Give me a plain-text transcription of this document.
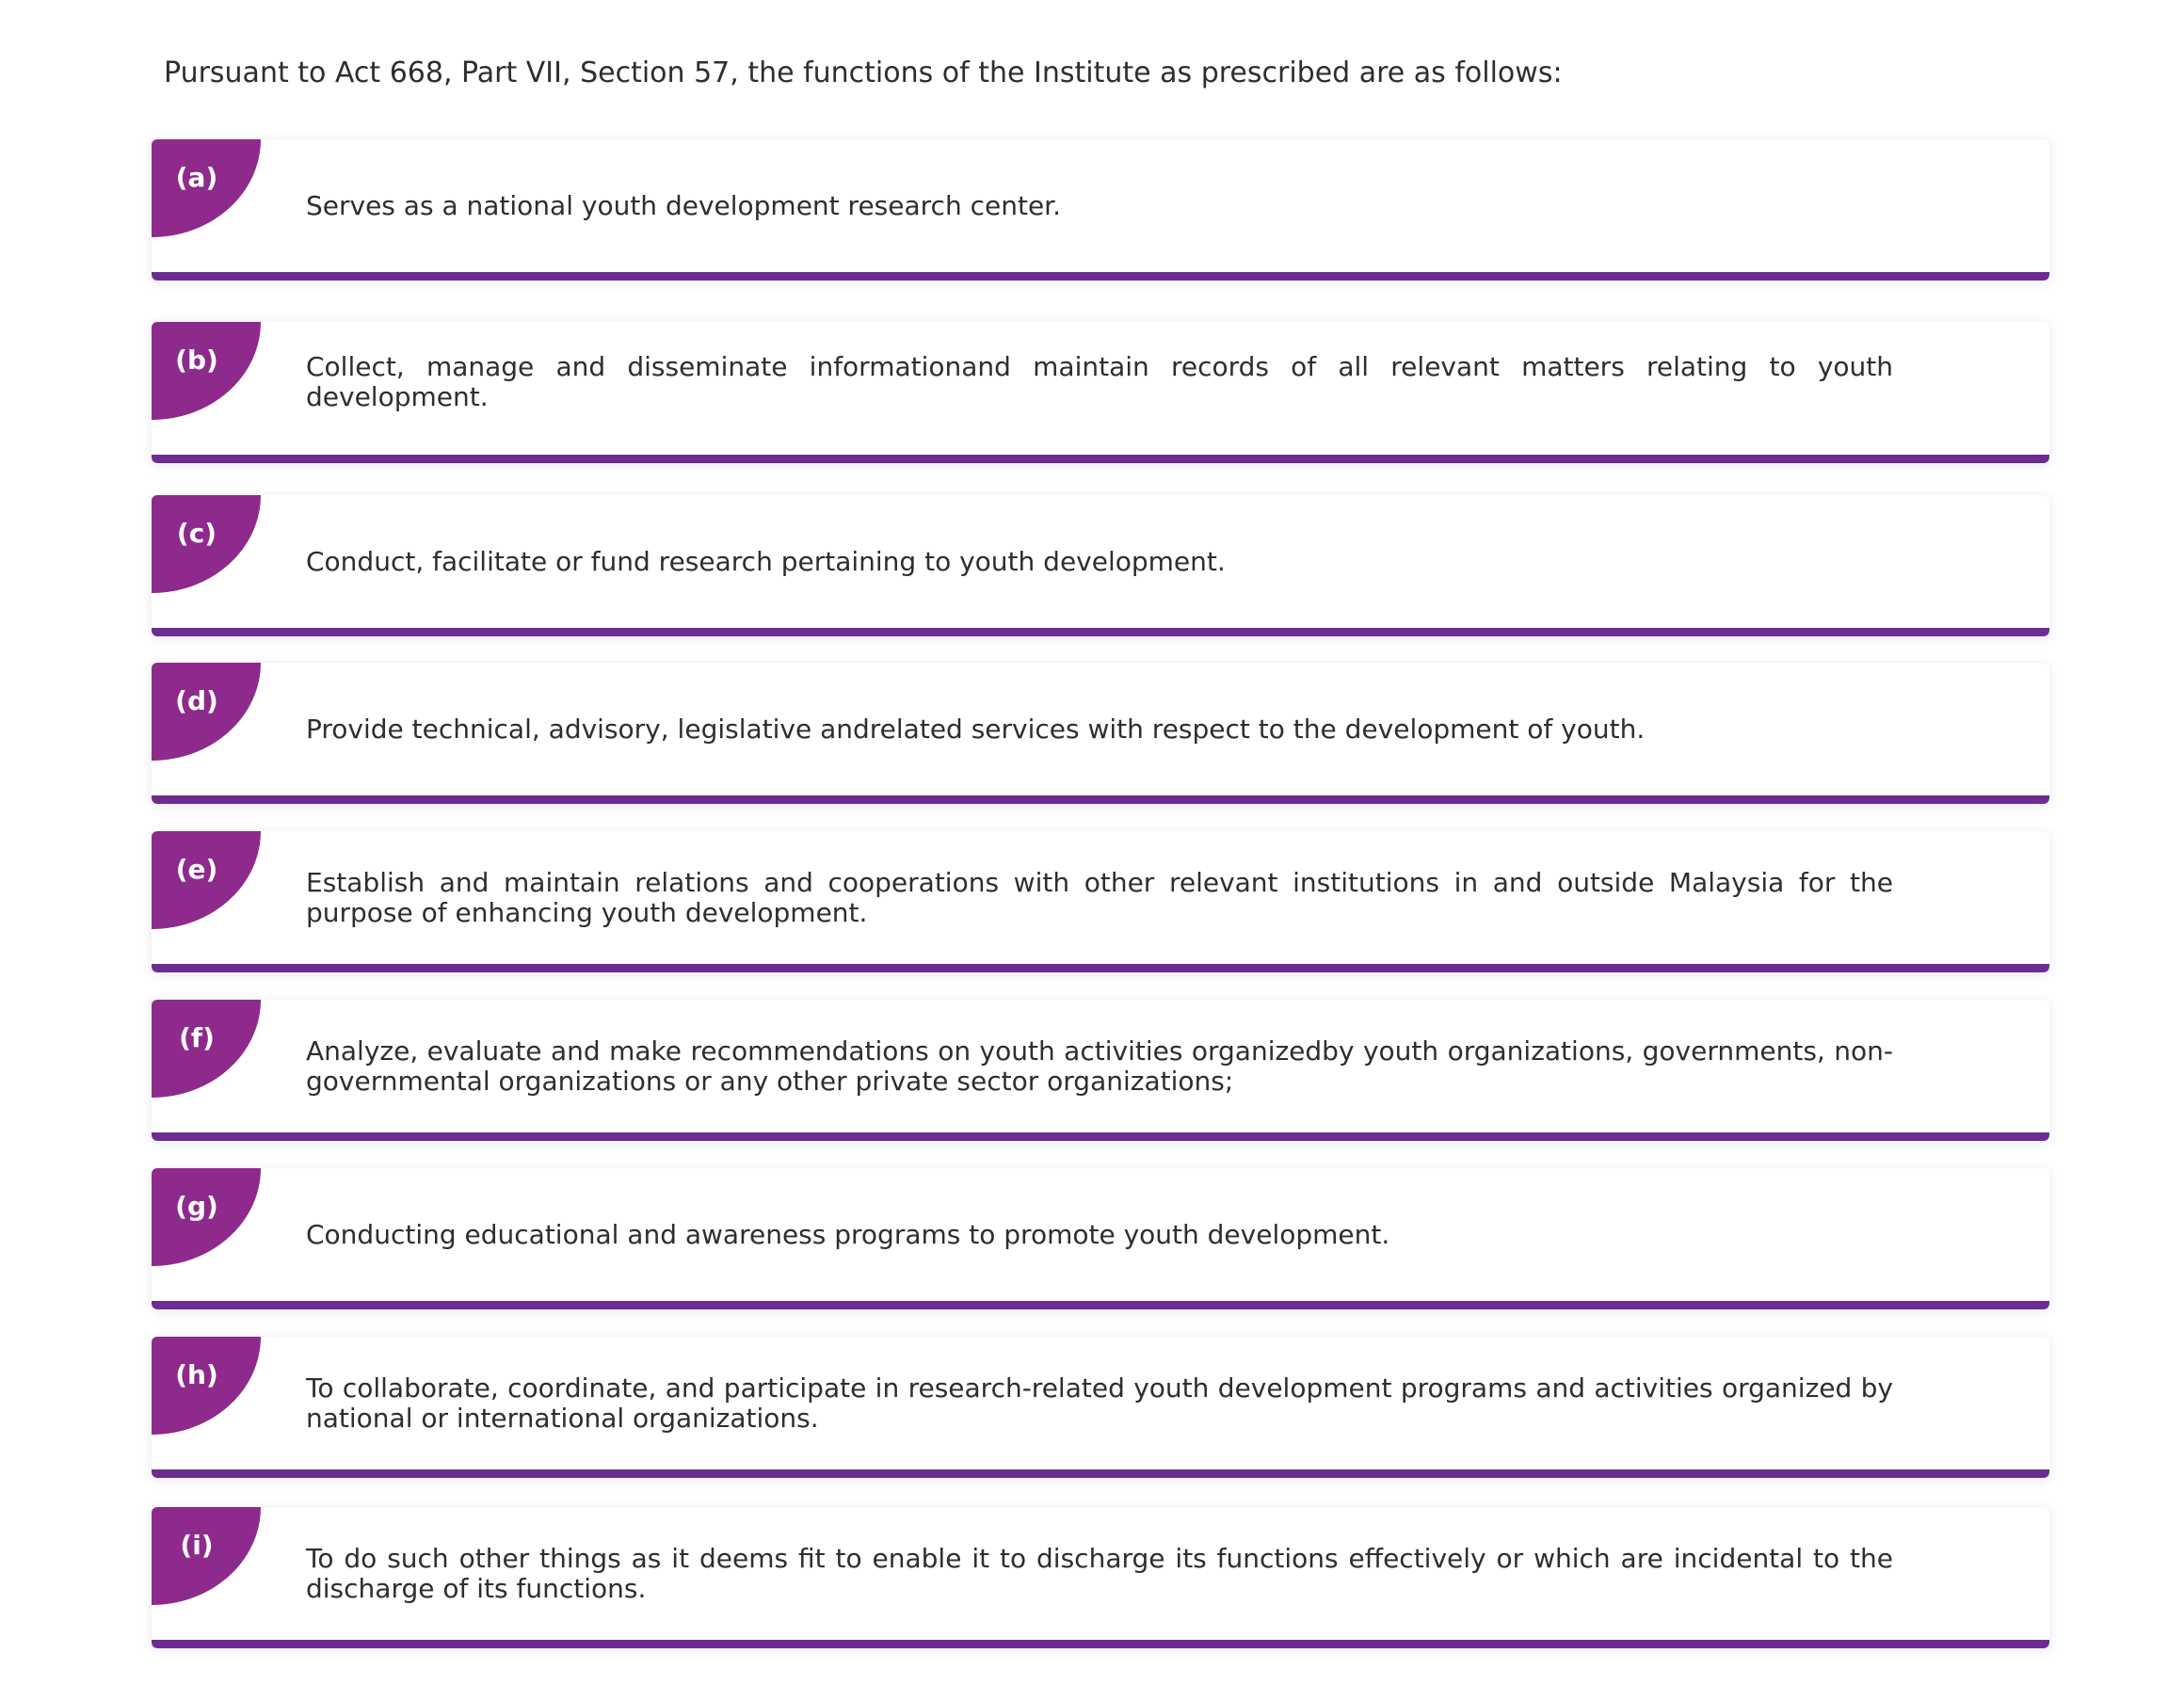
Pursuant to Act 668, Part VII, Section 57, the functions of the Institute as prescribed are as follows:
(a)
Serves as a national youth development research center.
(b)	Collect, manage and disseminate informationand maintain records of all relevant matters relating to youth development.
(c)
Conduct, facilitate or fund research pertaining to youth development.
(d)
Provide technical, advisory, legislative andrelated services with respect to the development of youth.
(e)	Establish and maintain relations and cooperations with other relevant institutions in and outside Malaysia for the purpose of enhancing youth development.
(f)	Analyze, evaluate and make recommendations on youth activities organizedby youth organizations, governments, non-governmental organizations or any other private sector organizations;
(g)
Conducting educational and awareness programs to promote youth development.
(h)	To collaborate, coordinate, and participate in research-related youth development programs and activities organized by national or international organizations.
(i)	To do such other things as it deems fit to enable it to discharge its functions effectively or which are incidental to the discharge of its functions.
